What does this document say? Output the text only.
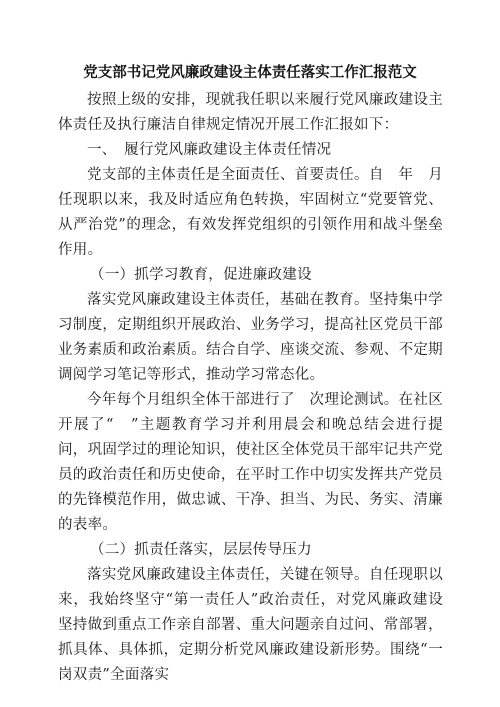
党支部书记党风廉政建设主体责任落实工作汇报范文

按照上级的安排，现就我任职以来履行党风廉政建设主体责任及执行廉洁自律规定情况开展工作汇报如下：

一、　履行党风廉政建设主体责任情况

党支部的主体责任是全面责任、首要责任。自　年　月任现职以来，我及时适应角色转换，牢固树立“党要管党、从严治党”的理念，有效发挥党组织的引领作用和战斗堡垒作用。

（一）抓学习教育，促进廉政建设

落实党风廉政建设主体责任，基础在教育。坚持集中学习制度，定期组织开展政治、业务学习，提高社区党员干部业务素质和政治素质。结合自学、座谈交流、参观、不定期调阅学习笔记等形式，推动学习常态化。

今年每个月组织全体干部进行了　次理论测试。在社区开展了“　”主题教育学习并利用晨会和晚总结会进行提问，巩固学过的理论知识，使社区全体党员干部牢记共产党员的政治责任和历史使命，在平时工作中切实发挥共产党员的先锋模范作用，做忠诚、干净、担当、为民、务实、清廉的表率。

（二）抓责任落实，层层传导压力

落实党风廉政建设主体责任，关键在领导。自任现职以来，我始终坚守“第一责任人”政治责任，对党风廉政建设坚持做到重点工作亲自部署、重大问题亲自过问、常部署，抓具体、具体抓，定期分析党风廉政建设新形势。围绕“一岗双责”全面落实
